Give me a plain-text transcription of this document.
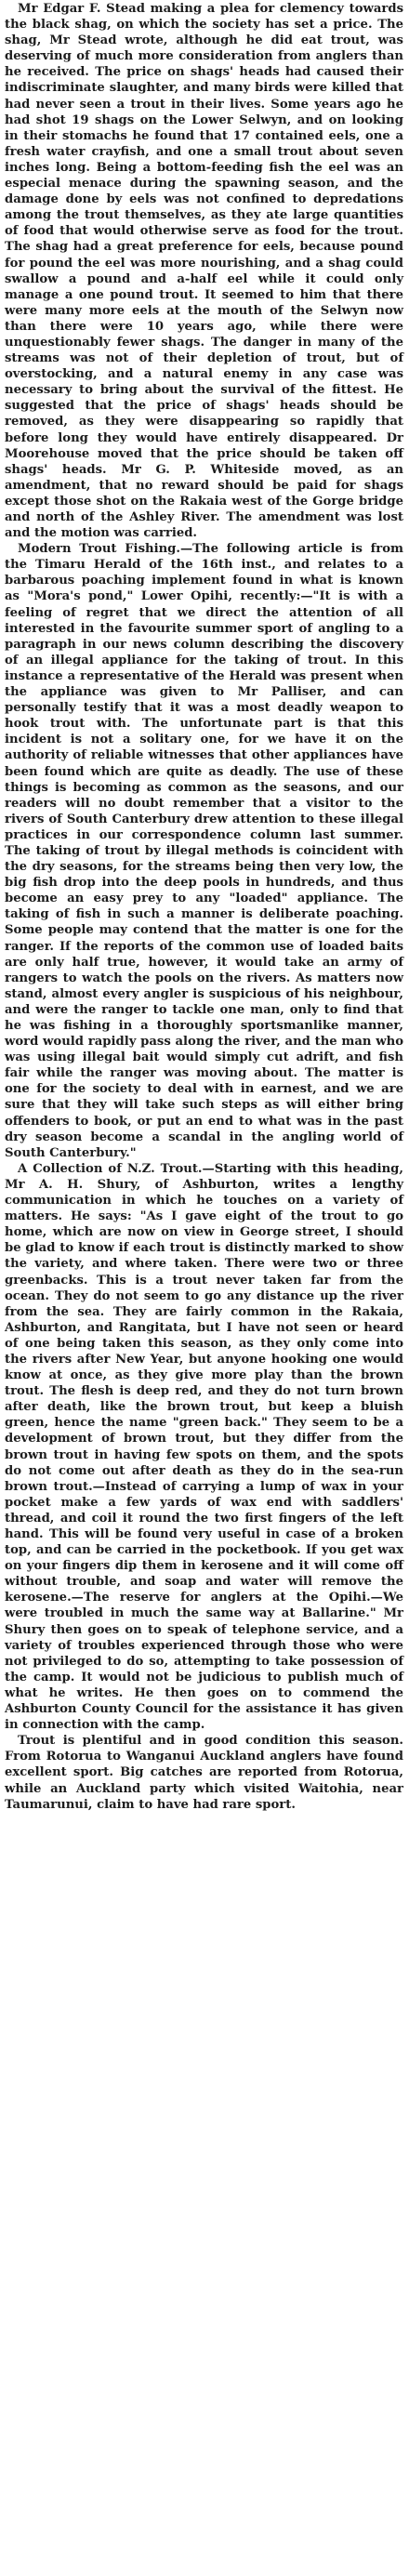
Mr Edgar F. Stead making a plea for clemency towards the black shag, on which the society has set a price. The shag, Mr Stead wrote, although he did eat trout, was deserving of much more consideration from anglers than he received. The price on shags' heads had caused their indiscriminate slaughter, and many birds were killed that had never seen a trout in their lives. Some years ago he had shot 19 shags on the Lower Selwyn, and on looking in their stomachs he found that 17 contained eels, one a fresh water crayfish, and one a small trout about seven inches long. Being a bottom-feeding fish the eel was an especial menace during the spawning season, and the damage done by eels was not confined to depredations among the trout themselves, as they ate large quantities of food that would otherwise serve as food for the trout. The shag had a great preference for eels, because pound for pound the eel was more nourishing, and a shag could swallow a pound and a-half eel while it could only manage a one pound trout. It seemed to him that there were many more eels at the mouth of the Selwyn now than there were 10 years ago, while there were unquestionably fewer shags. The danger in many of the streams was not of their depletion of trout, but of overstocking, and a natural enemy in any case was necessary to bring about the survival of the fittest. He suggested that the price of shags' heads should be removed, as they were disappearing so rapidly that before long they would have entirely disappeared. Dr Moorehouse moved that the price should be taken off shags' heads. Mr G. P. Whiteside moved, as an amendment, that no reward should be paid for shags except those shot on the Rakaia west of the Gorge bridge and north of the Ashley River. The amendment was lost and the motion was carried.

Modern Trout Fishing.—The following article is from the Timaru Herald of the 16th inst., and relates to a barbarous poaching implement found in what is known as "Mora's pond," Lower Opihi, recently:—"It is with a feeling of regret that we direct the attention of all interested in the favourite summer sport of angling to a paragraph in our news column describing the discovery of an illegal appliance for the taking of trout. In this instance a representative of the Herald was present when the appliance was given to Mr Palliser, and can personally testify that it was a most deadly weapon to hook trout with. The unfortunate part is that this incident is not a solitary one, for we have it on the authority of reliable witnesses that other appliances have been found which are quite as deadly. The use of these things is becoming as common as the seasons, and our readers will no doubt remember that a visitor to the rivers of South Canterbury drew attention to these illegal practices in our correspondence column last summer. The taking of trout by illegal methods is coincident with the dry seasons, for the streams being then very low, the big fish drop into the deep pools in hundreds, and thus become an easy prey to any "loaded" appliance. The taking of fish in such a manner is deliberate poaching. Some people may contend that the matter is one for the ranger. If the reports of the common use of loaded baits are only half true, however, it would take an army of rangers to watch the pools on the rivers. As matters now stand, almost every angler is suspicious of his neighbour, and were the ranger to tackle one man, only to find that he was fishing in a thoroughly sportsmanlike manner, word would rapidly pass along the river, and the man who was using illegal bait would simply cut adrift, and fish fair while the ranger was moving about. The matter is one for the society to deal with in earnest, and we are sure that they will take such steps as will either bring offenders to book, or put an end to what was in the past dry season become a scandal in the angling world of South Canterbury."

A Collection of N.Z. Trout.—Starting with this heading, Mr A. H. Shury, of Ashburton, writes a lengthy communication in which he touches on a variety of matters. He says: "As I gave eight of the trout to go home, which are now on view in George street, I should be glad to know if each trout is distinctly marked to show the variety, and where taken. There were two or three greenbacks. This is a trout never taken far from the ocean. They do not seem to go any distance up the river from the sea. They are fairly common in the Rakaia, Ashburton, and Rangitata, but I have not seen or heard of one being taken this season, as they only come into the rivers after New Year, but anyone hooking one would know at once, as they give more play than the brown trout. The flesh is deep red, and they do not turn brown after death, like the brown trout, but keep a bluish green, hence the name "green back." They seem to be a development of brown trout, but they differ from the brown trout in having few spots on them, and the spots do not come out after death as they do in the sea-run brown trout.—Instead of carrying a lump of wax in your pocket make a few yards of wax end with saddlers' thread, and coil it round the two first fingers of the left hand. This will be found very useful in case of a broken top, and can be carried in the pocketbook. If you get wax on your fingers dip them in kerosene and it will come off without trouble, and soap and water will remove the kerosene.—The reserve for anglers at the Opihi.—We were troubled in much the same way at Ballarine." Mr Shury then goes on to speak of telephone service, and a variety of troubles experienced through those who were not privileged to do so, attempting to take possession of the camp. It would not be judicious to publish much of what he writes. He then goes on to commend the Ashburton County Council for the assistance it has given in connection with the camp.

Trout is plentiful and in good condition this season. From Rotorua to Wanganui Auckland anglers have found excellent sport. Big catches are reported from Rotorua, while an Auckland party which visited Waitohia, near Taumarunui, claim to have had rare sport.
